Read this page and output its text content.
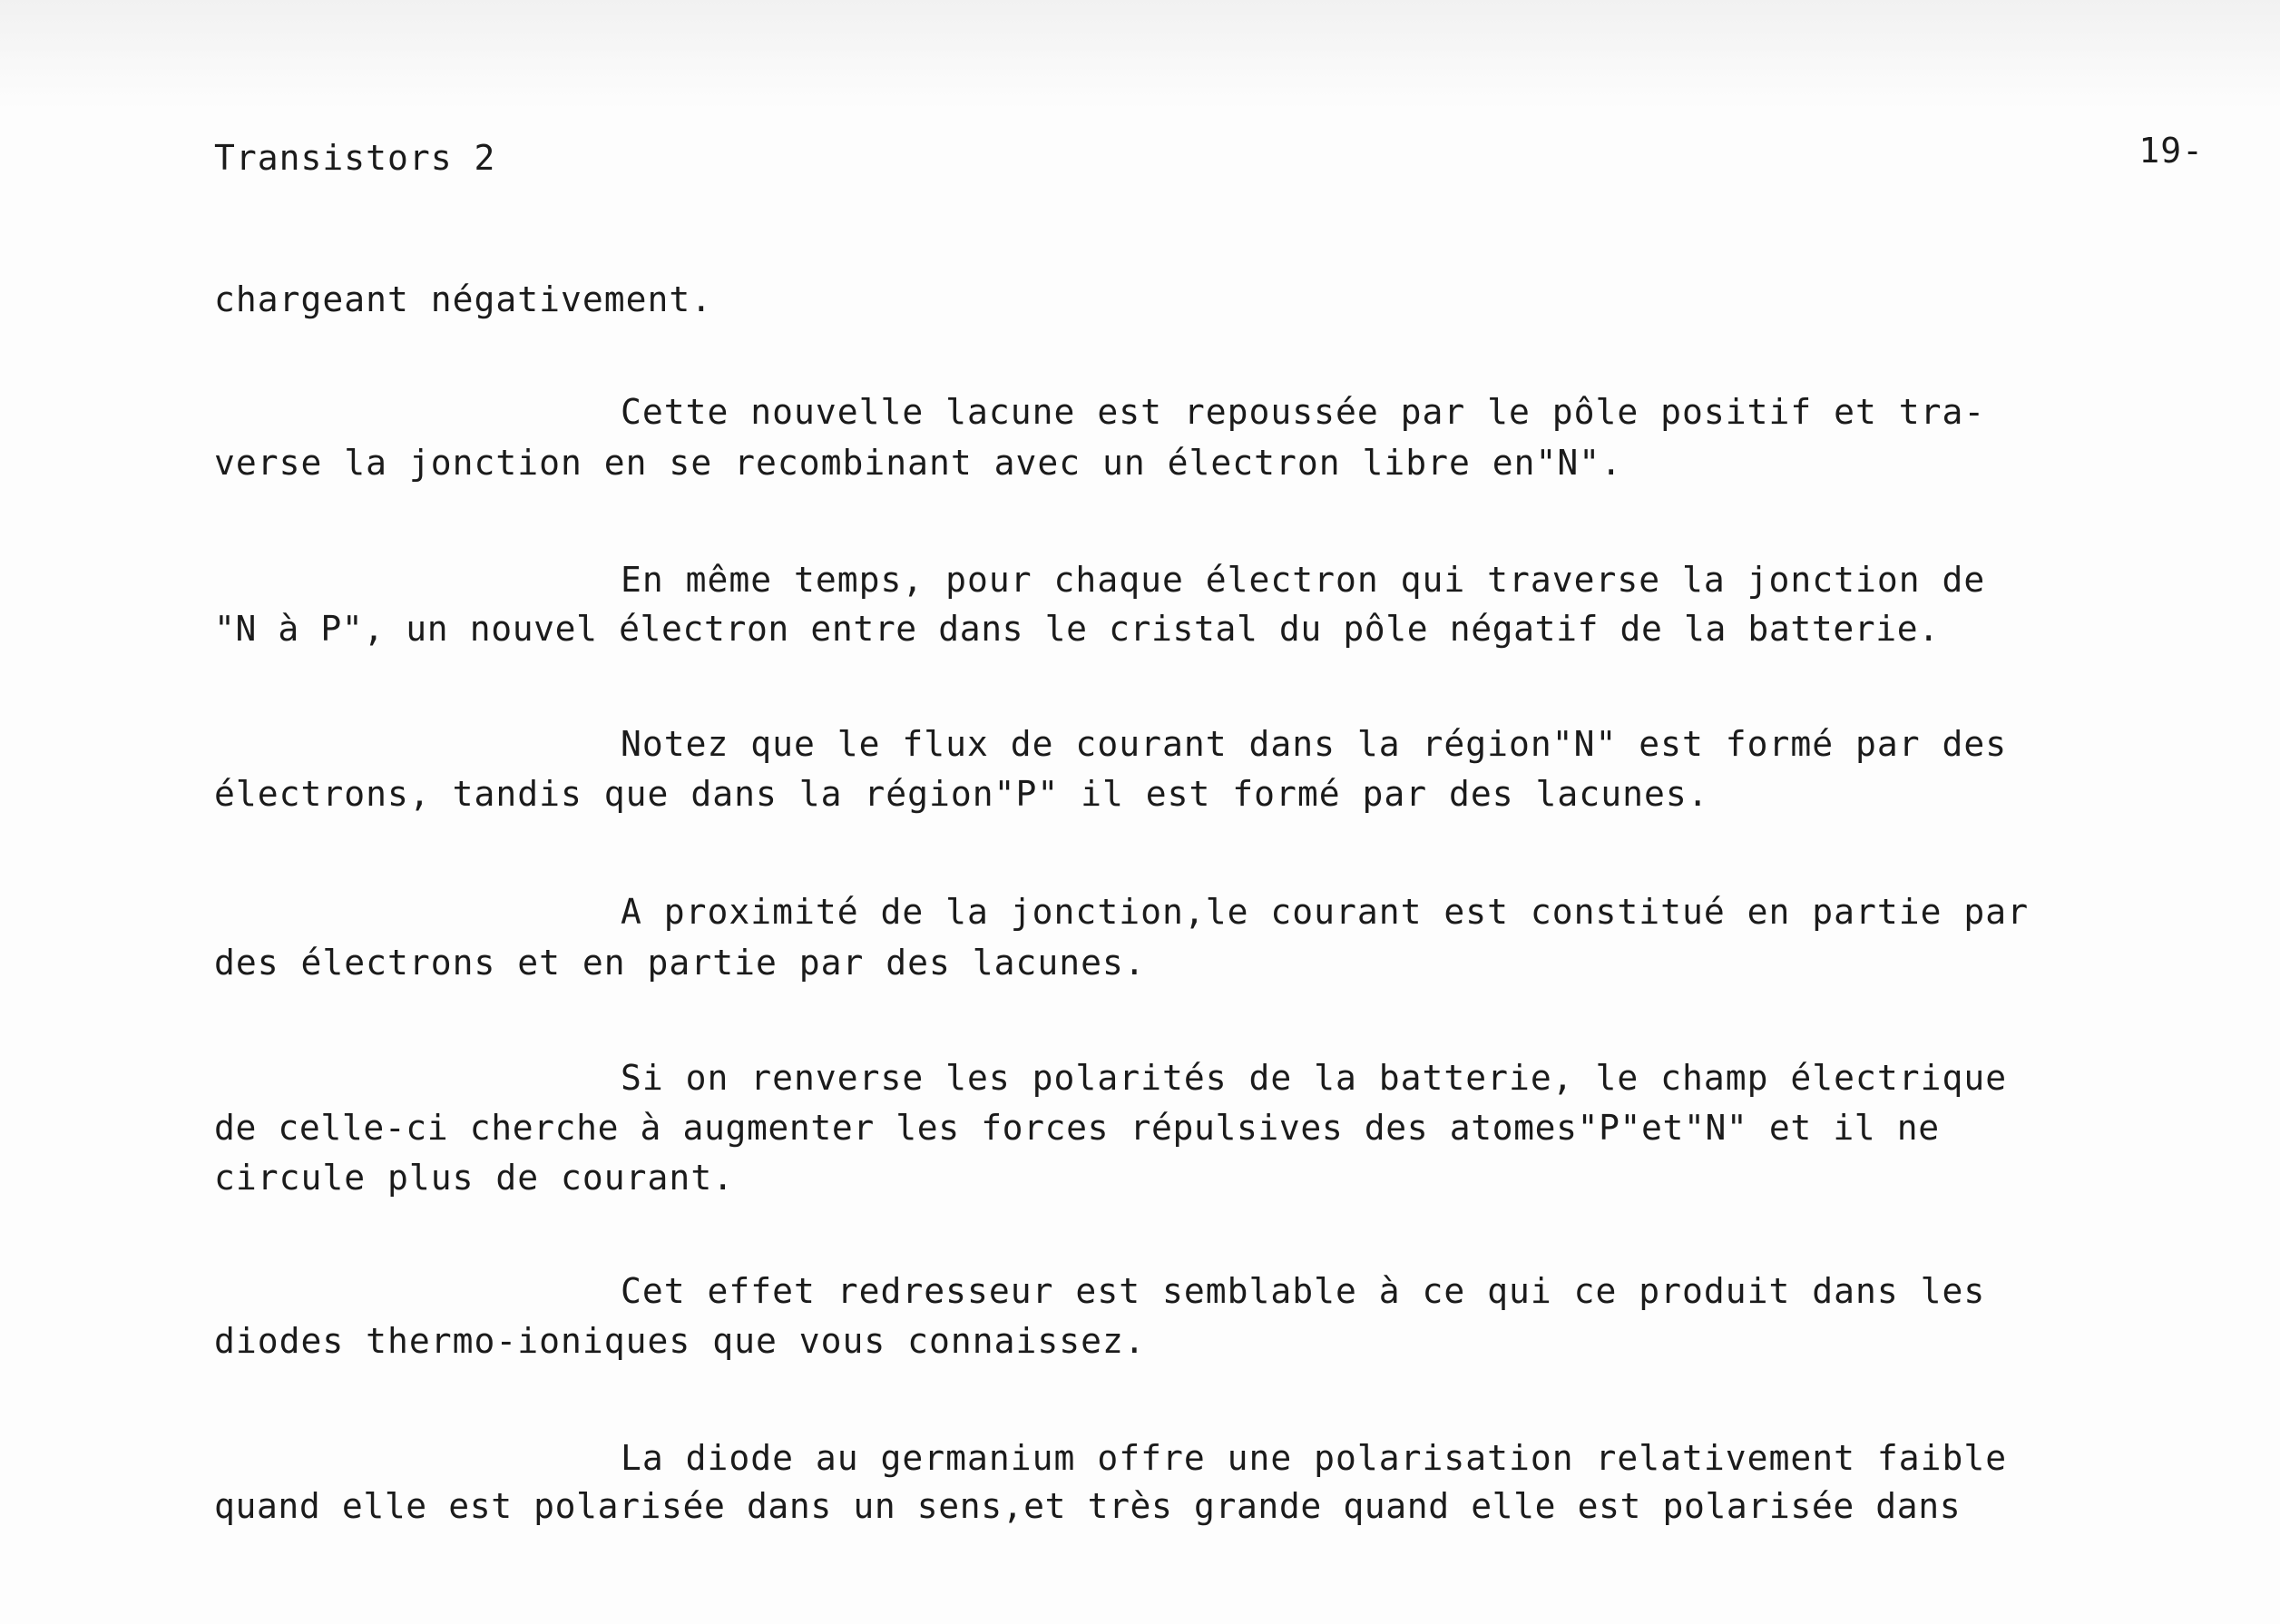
Transistors 2	19-
chargeant négativement.
Cette nouvelle lacune est repoussée par le pôle positif et tra-
verse la jonction en se recombinant avec un électron libre en"N".
En même temps, pour chaque électron qui traverse la jonction de
"N à P", un nouvel électron entre dans le cristal du pôle négatif de la batterie.
Notez que le flux de courant dans la région"N" est formé par des
électrons, tandis que dans la région"P" il est formé par des lacunes.
A proximité de la jonction,le courant est constitué en partie par
des électrons et en partie par des lacunes.
Si on renverse les polarités de la batterie, le champ électrique
de celle-ci cherche à augmenter les forces répulsives des atomes"P"et"N" et il ne
circule plus de courant.
Cet effet redresseur est semblable à ce qui ce produit dans les
diodes thermo-ioniques que vous connaissez.
La diode au germanium offre une polarisation relativement faible
quand elle est polarisée dans un sens,et très grande quand elle est polarisée dans
